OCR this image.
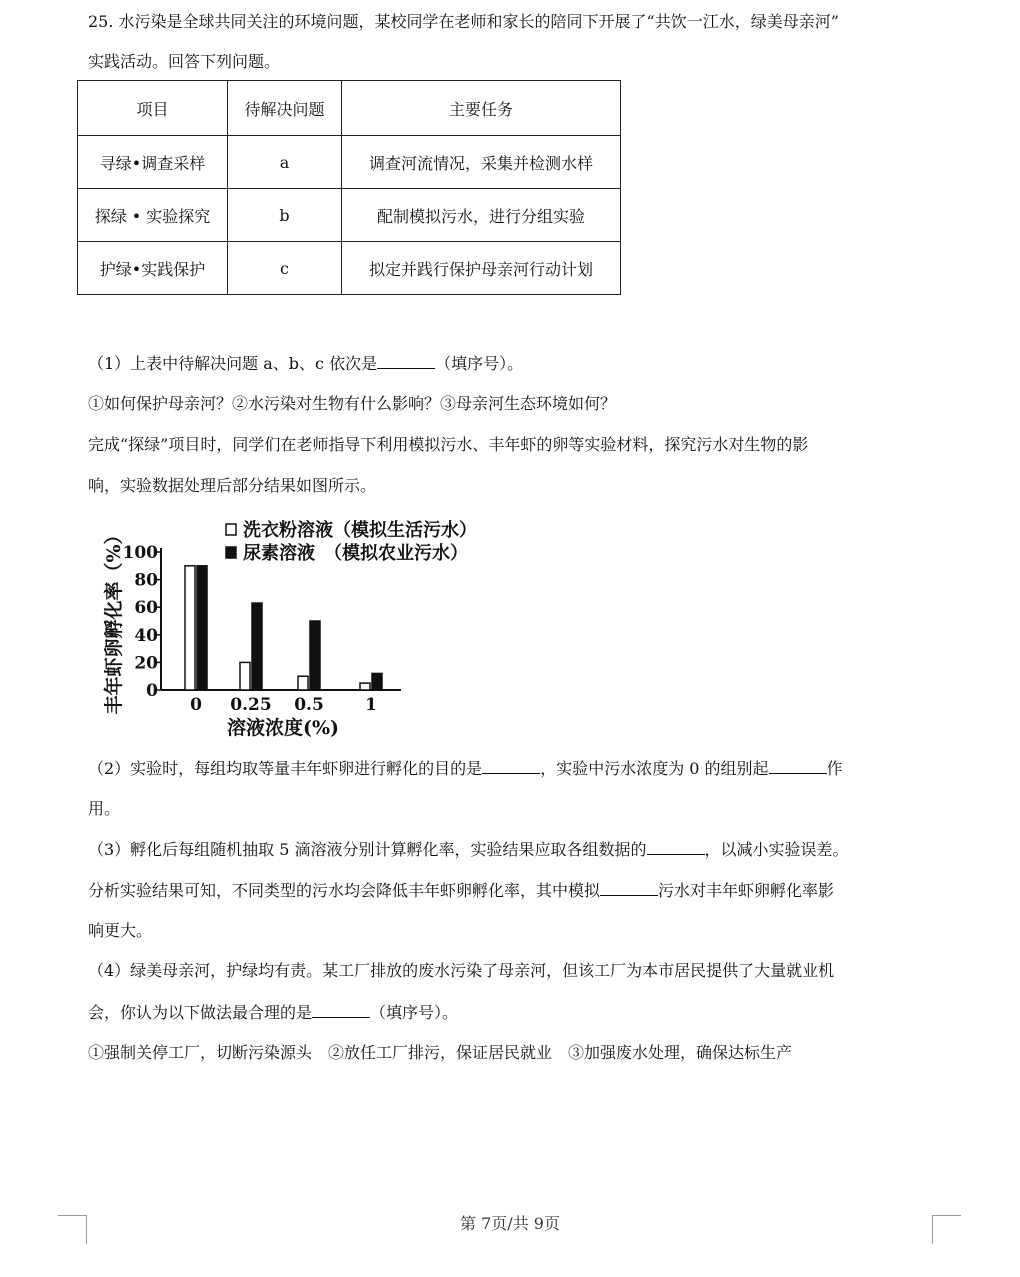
25. 水污染是全球共同关注的环境问题，某校同学在老师和家长的陪同下开展了“共饮一江水，绿美母亲河”
实践活动。回答下列问题。
项目	待解决问题	主要任务
寻绿•调查采样	a	调查河流情况，采集并检测水样
探绿 • 实验探究	b	配制模拟污水，进行分组实验
护绿•实践保护	c	拟定并践行保护母亲河行动计划
（1）上表中待解决问题 a、b、c 依次是	（填序号）。
①如何保护母亲河？②水污染对生物有什么影响？③母亲河生态环境如何？
完成“探绿”项目时，同学们在老师指导下利用模拟污水、丰年虾的卵等实验材料，探究污水对生物的影
响，实验数据处理后部分结果如图所示。
0
20
40
60
80
100
0 0.25 0.5 1
溶液浓度(%)
丰年虾卵孵化率（%）	洗衣粉溶液（模拟生活污水）
尿素溶液　（模拟农业污水）
（2）实验时，每组均取等量丰年虾卵进行孵化的目的是	，实验中污水浓度为 0 的组别起	作
用。
（3）孵化后每组随机抽取 5 滴溶液分别计算孵化率，实验结果应取各组数据的	，以减小实验误差。
分析实验结果可知，不同类型的污水均会降低丰年虾卵孵化率，其中模拟	污水对丰年虾卵孵化率影
响更大。
（4）绿美母亲河，护绿均有责。某工厂排放的废水污染了母亲河，但该工厂为本市居民提供了大量就业机
会，你认为以下做法最合理的是	（填序号）。
①强制关停工厂，切断污染源头　②放任工厂排污，保证居民就业　③加强废水处理，确保达标生产
第 7页/共 9页
